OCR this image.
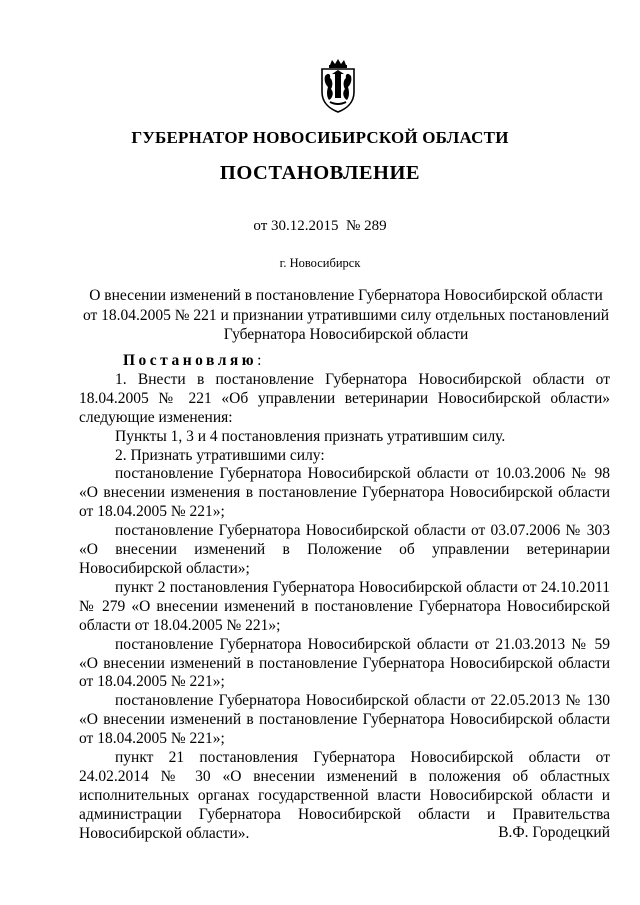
ГУБЕРНАТОР НОВОСИБИРСКОЙ ОБЛАСТИ
ПОСТАНОВЛЕНИЕ
от 30.12.2015 № 289
г. Новосибирск
О внесении изменений в постановление Губернатора Новосибирской области
от 18.04.2005 № 221 и признании утратившими силу отдельных постановлений
Губернатора Новосибирской области

Постановляю:

1. Внести в постановление Губернатора Новосибирской области от 18.04.2005 № 221 «Об управлении ветеринарии Новосибирской области» следующие изменения:

Пункты 1, 3 и 4 постановления признать утратившим силу.

2. Признать утратившими силу:

постановление Губернатора Новосибирской области от 10.03.2006 № 98 «О внесении изменения в постановление Губернатора Новосибирской области от 18.04.2005 № 221»;

постановление Губернатора Новосибирской области от 03.07.2006 № 303 «О внесении изменений в Положение об управлении ветеринарии Новосибирской области»;

пункт 2 постановления Губернатора Новосибирской области от 24.10.2011 № 279 «О внесении изменений в постановление Губернатора Новосибирской области от 18.04.2005 № 221»;

постановление Губернатора Новосибирской области от 21.03.2013 № 59 «О внесении изменений в постановление Губернатора Новосибирской области от 18.04.2005 № 221»;

постановление Губернатора Новосибирской области от 22.05.2013 № 130 «О внесении изменений в постановление Губернатора Новосибирской области от 18.04.2005 № 221»;

пункт 21 постановления Губернатора Новосибирской области от 24.02.2014 № 30 «О внесении изменений в положения об областных исполнительных органах государственной власти Новосибирской области и администрации Губернатора Новосибирской области и Правительства Новосибирской области».	В.Ф. Городецкий
